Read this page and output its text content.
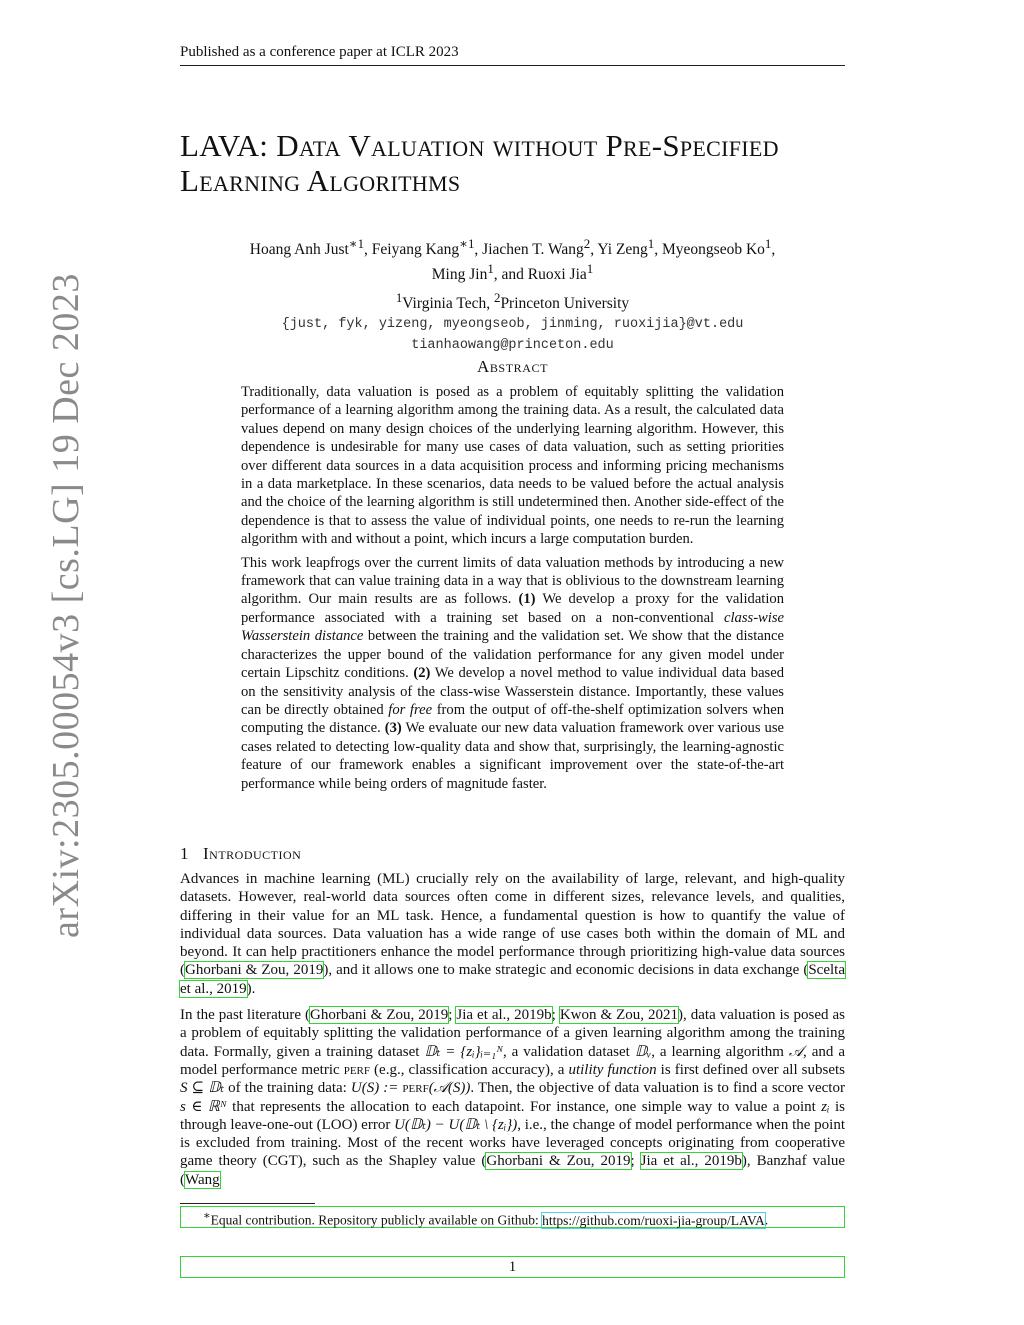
Published as a conference paper at ICLR 2023
arXiv:2305.00054v3 [cs.LG] 19 Dec 2023
LAVA: Data Valuation without Pre-Specified
Learning Algorithms
Hoang Anh Just$^{∗1}$, Feiyang Kang$^{∗1}$, Jiachen T. Wang$^2$, Yi Zeng$^1$, Myeongseob Ko$^1$,
Ming Jin$^1$, and Ruoxi Jia$^1$
$^1$Virginia Tech, $^2$Princeton University
{just, fyk, yizeng, myeongseob, jinming, ruoxijia}@vt.edu
tianhaowang@princeton.edu
Abstract

Traditionally, data valuation is posed as a problem of equitably splitting the validation performance of a learning algorithm among the training data. As a result, the calculated data values depend on many design choices of the underlying learning algorithm. However, this dependence is undesirable for many use cases of data valuation, such as setting priorities over different data sources in a data acquisition process and informing pricing mechanisms in a data marketplace. In these scenarios, data needs to be valued before the actual analysis and the choice of the learning algorithm is still undetermined then. Another side-effect of the dependence is that to assess the value of individual points, one needs to re-run the learning algorithm with and without a point, which incurs a large computation burden.

This work leapfrogs over the current limits of data valuation methods by introducing a new framework that can value training data in a way that is oblivious to the downstream learning algorithm. Our main results are as follows. (1) We develop a proxy for the validation performance associated with a training set based on a non-conventional class-wise Wasserstein distance between the training and the validation set. We show that the distance characterizes the upper bound of the validation performance for any given model under certain Lipschitz conditions. (2) We develop a novel method to value individual data based on the sensitivity analysis of the class-wise Wasserstein distance. Importantly, these values can be directly obtained for free from the output of off-the-shelf optimization solvers when computing the distance. (3) We evaluate our new data valuation framework over various use cases related to detecting low-quality data and show that, surprisingly, the learning-agnostic feature of our framework enables a significant improvement over the state-of-the-art performance while being orders of magnitude faster.

1 Introduction

Advances in machine learning (ML) crucially rely on the availability of large, relevant, and high-quality datasets. However, real-world data sources often come in different sizes, relevance levels, and qualities, differing in their value for an ML task. Hence, a fundamental question is how to quantify the value of individual data sources. Data valuation has a wide range of use cases both within the domain of ML and beyond. It can help practitioners enhance the model performance through prioritizing high-value data sources (Ghorbani & Zou, 2019), and it allows one to make strategic and economic decisions in data exchange (Scelta et al., 2019).

In the past literature (Ghorbani & Zou, 2019; Jia et al., 2019b; Kwon & Zou, 2021), data valuation is posed as a problem of equitably splitting the validation performance of a given learning algorithm among the training data. Formally, given a training dataset 𝔻ₜ = {zᵢ}ᵢ₌₁ᴺ, a validation dataset 𝔻ᵥ, a learning algorithm 𝒜, and a model performance metric perf (e.g., classification accuracy), a utility function is first defined over all subsets S ⊆ 𝔻ₜ of the training data: U(S) := perf(𝒜(S)). Then, the objective of data valuation is to find a score vector s ∈ ℝᴺ that represents the allocation to each datapoint. For instance, one simple way to value a point zᵢ is through leave-one-out (LOO) error U(𝔻ₜ) − U(𝔻ₜ \ {zᵢ}), i.e., the change of model performance when the point is excluded from training. Most of the recent works have leveraged concepts originating from cooperative game theory (CGT), such as the Shapley value (Ghorbani & Zou, 2019; Jia et al., 2019b), Banzhaf value (Wang

∗Equal contribution. Repository publicly available on Github: https://github.com/ruoxi-jia-group/LAVA.
1
